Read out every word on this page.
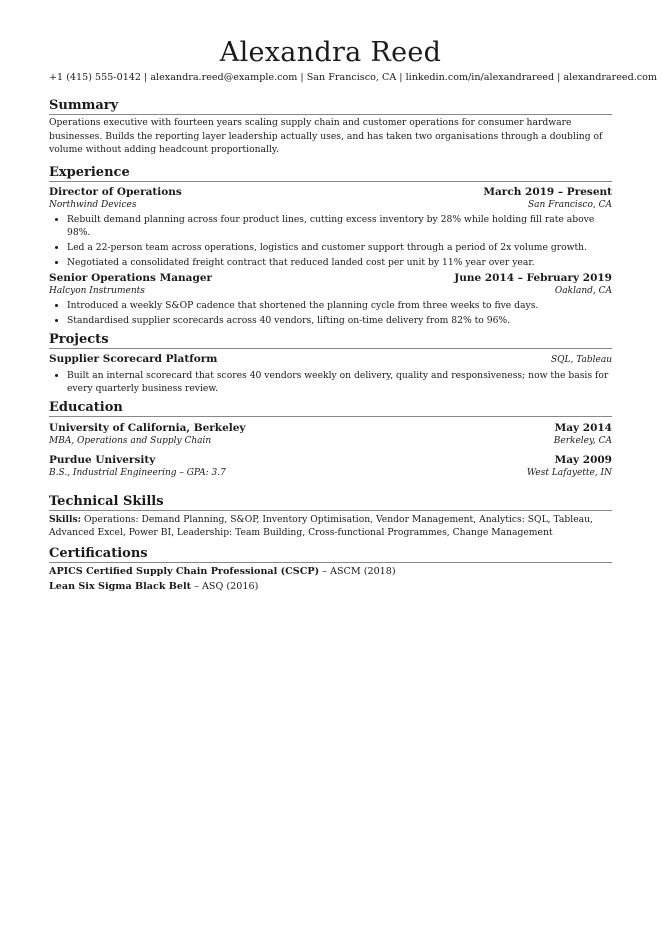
Alexandra Reed
+1 (415) 555-0142 | alexandra.reed@example.com | San Francisco, CA | linkedin.com/in/alexandrareed | alexandrareed.com
Summary
Operations executive with fourteen years scaling supply chain and customer operations for consumer hardware businesses. Builds the reporting layer leadership actually uses, and has taken two organisations through a doubling of volume without adding headcount proportionally.
Experience
Director of Operations	March 2019 – Present
Northwind Devices	San Francisco, CA
• Rebuilt demand planning across four product lines, cutting excess inventory by 28% while holding fill rate above 98%.
• Led a 22-person team across operations, logistics and customer support through a period of 2x volume growth.
• Negotiated a consolidated freight contract that reduced landed cost per unit by 11% year over year.
Senior Operations Manager	June 2014 – February 2019
Halcyon Instruments	Oakland, CA
• Introduced a weekly S&OP cadence that shortened the planning cycle from three weeks to five days.
• Standardised supplier scorecards across 40 vendors, lifting on-time delivery from 82% to 96%.
Projects
Supplier Scorecard Platform	SQL, Tableau
• Built an internal scorecard that scores 40 vendors weekly on delivery, quality and responsiveness; now the basis for every quarterly business review.
Education
University of California, Berkeley	May 2014
MBA, Operations and Supply Chain	Berkeley, CA
Purdue University	May 2009
B.S., Industrial Engineering – GPA: 3.7	West Lafayette, IN
Technical Skills
Skills: Operations: Demand Planning, S&OP, Inventory Optimisation, Vendor Management, Analytics: SQL, Tableau, Advanced Excel, Power BI, Leadership: Team Building, Cross-functional Programmes, Change Management
Certifications
APICS Certified Supply Chain Professional (CSCP) – ASCM (2018)
Lean Six Sigma Black Belt – ASQ (2016)
